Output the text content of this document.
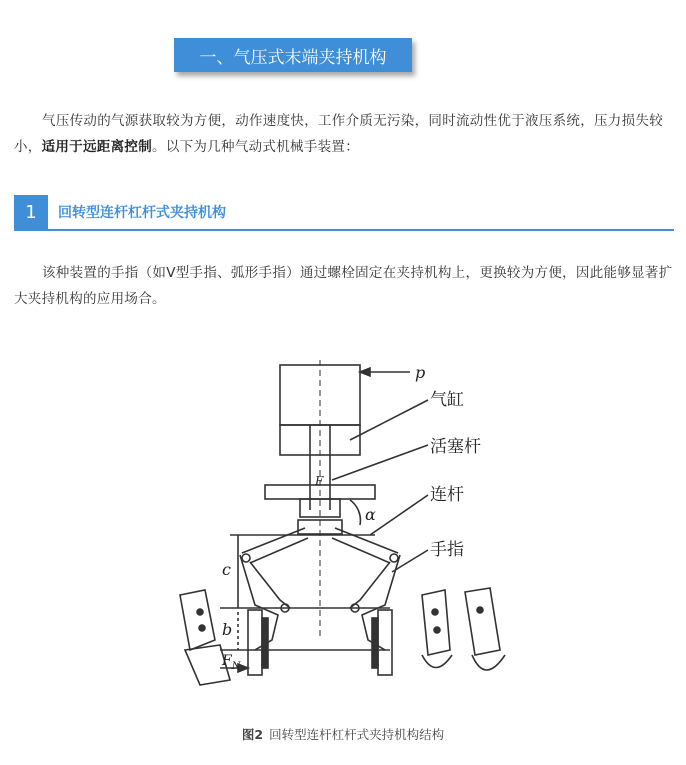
一、气压式末端夹持机构

气压传动的气源获取较为方便，动作速度快，工作介质无污染，同时流动性优于液压系统，压力损失较小，适用于远距离控制。以下为几种气动式机械手装置：

1 回转型连杆杠杆式夹持机构

该种装置的手指（如V型手指、弧形手指）通过螺栓固定在夹持机构上，更换较为方便，因此能够显著扩大夹持机构的应用场合。

p
气缸
活塞杆
连杆
手指
F
α
c
b
$F_N$
图2 回转型连杆杠杆式夹持机构结构
